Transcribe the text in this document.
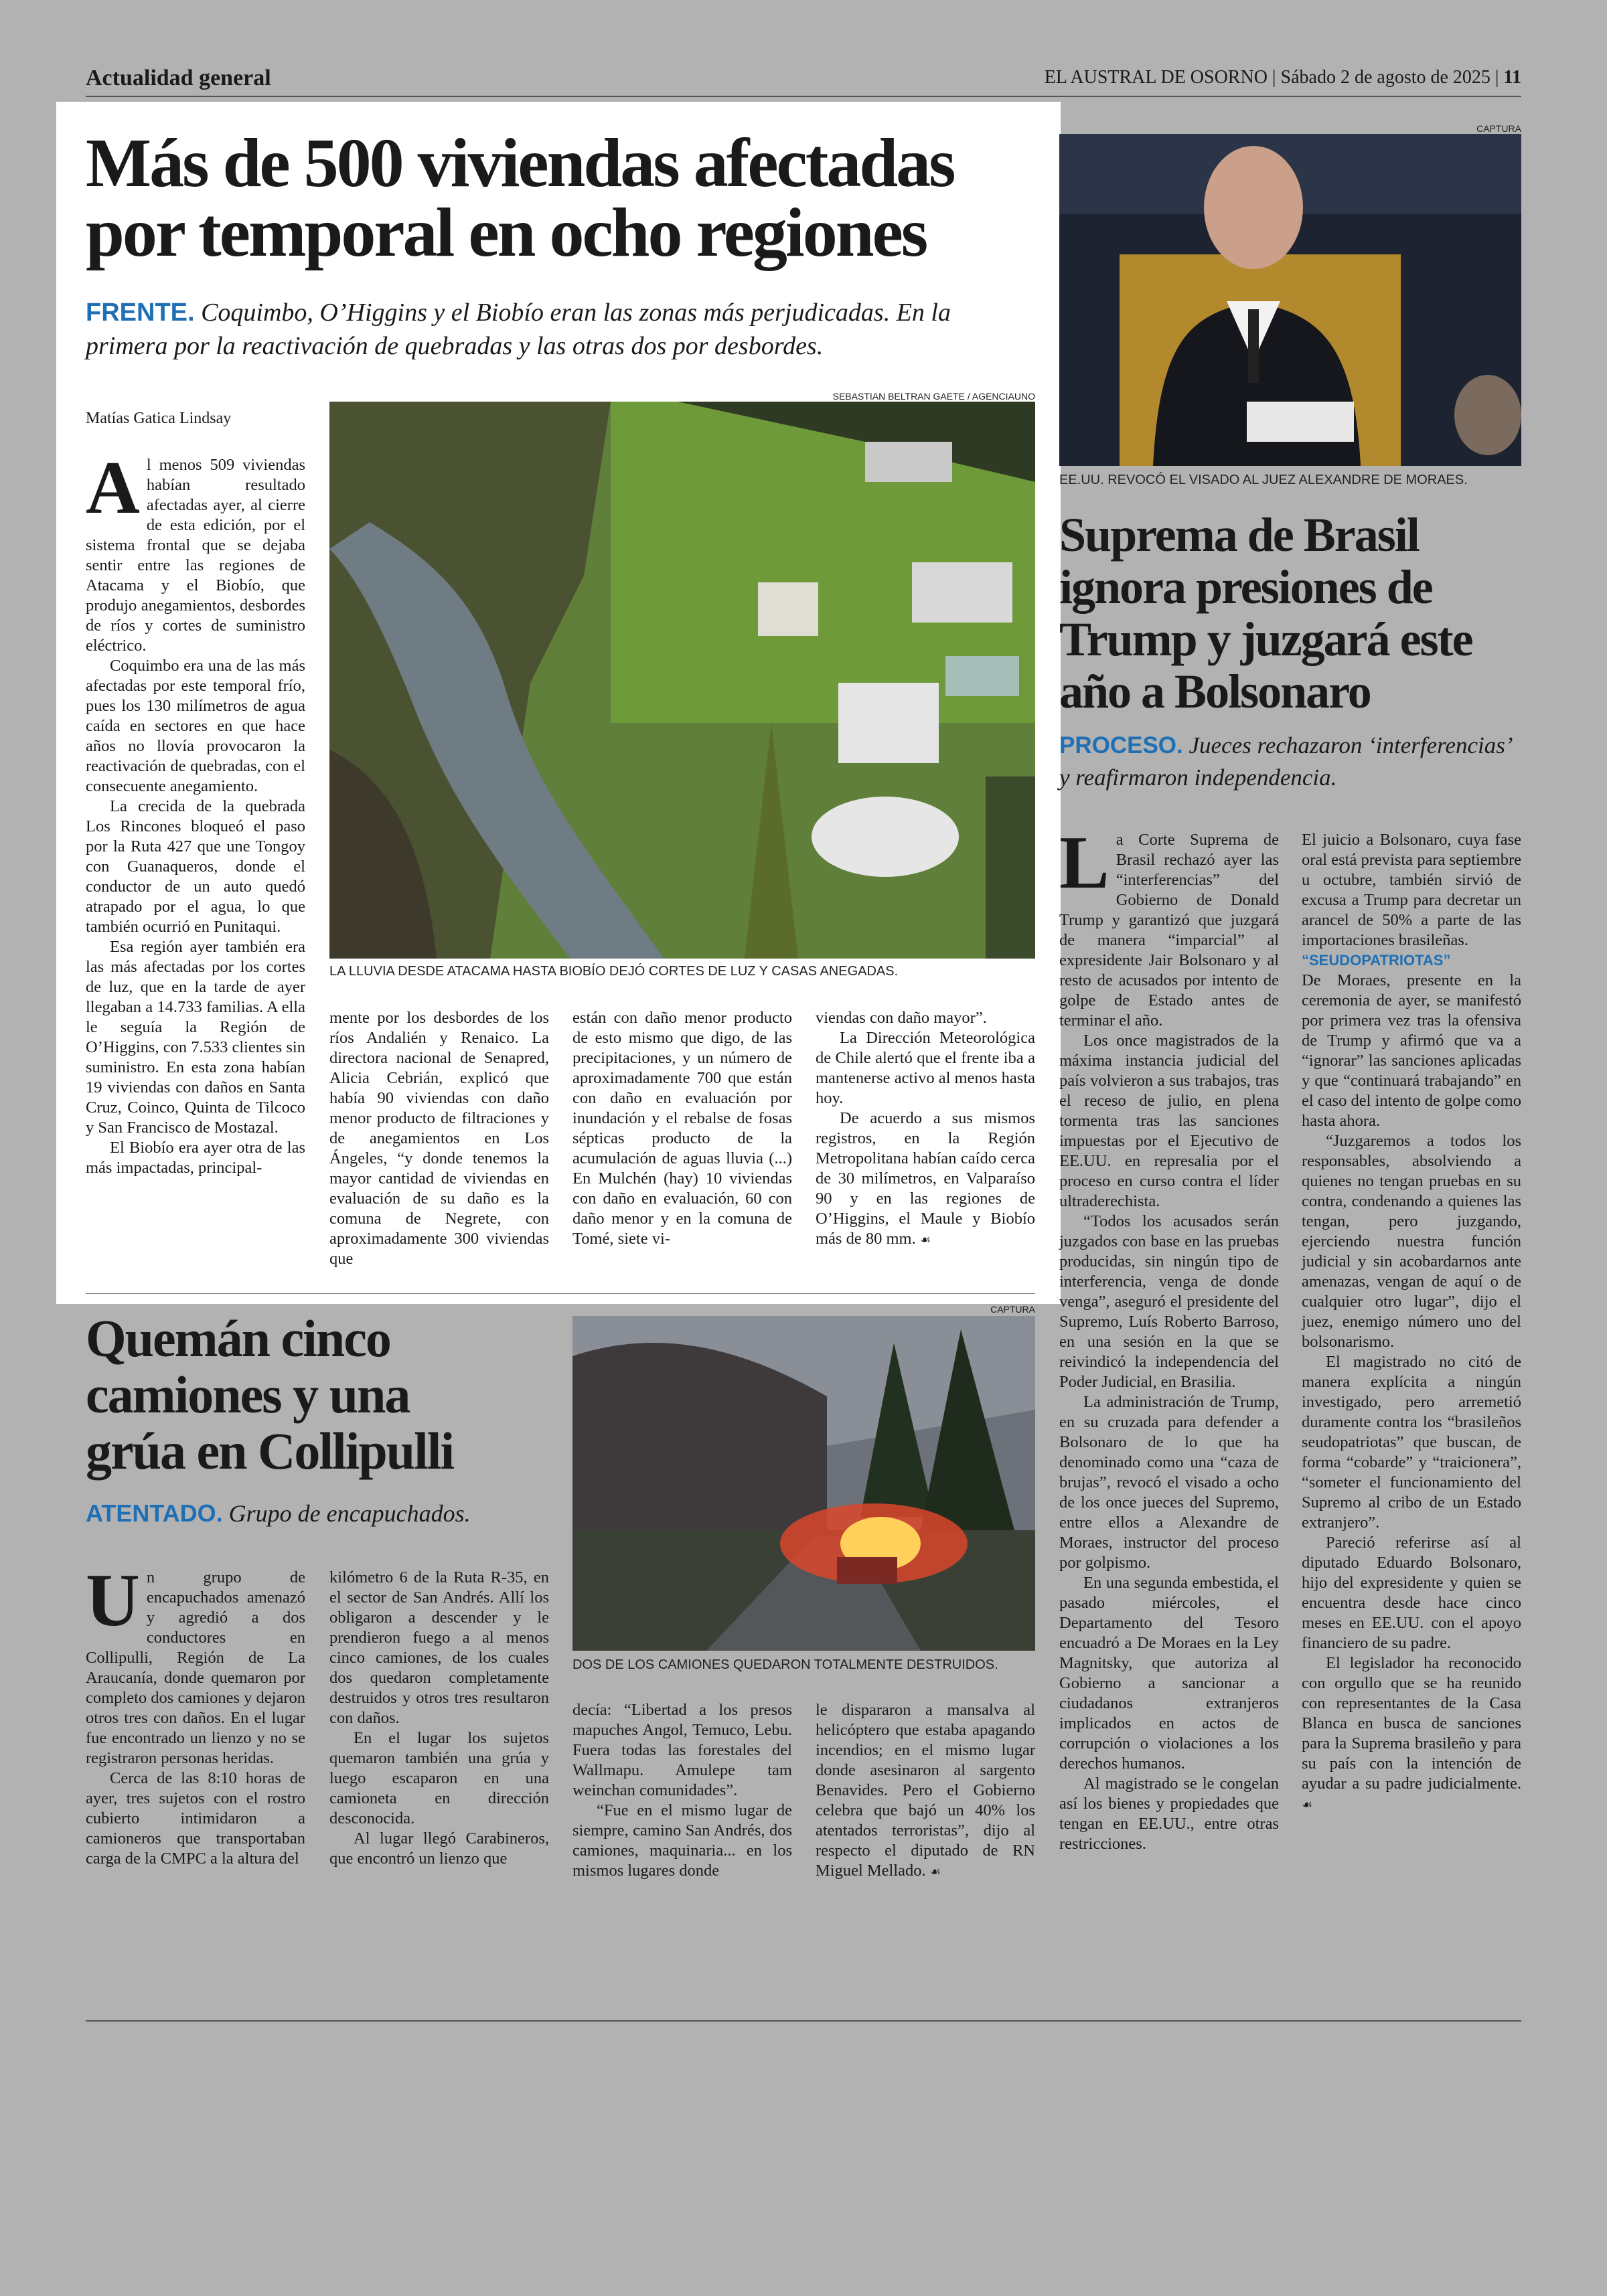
Actualidad general	EL AUSTRAL DE OSORNO | Sábado 2 de agosto de 2025 | 11
Más de 500 viviendas afectadas
por temporal en ocho regiones
FRENTE. Coquimbo, O’Higgins y el Biobío eran las zonas más perjudicadas. En la
primera por la reactivación de quebradas y las otras dos por desbordes.
Matías Gatica Lindsay
SEBASTIAN BELTRAN GAETE / AGENCIAUNO
LA LLUVIA DESDE ATACAMA HASTA BIOBÍO DEJÓ CORTES DE LUZ Y CASAS ANEGADAS.

Al menos 509 viviendas habían resultado afectadas ayer, al cierre de esta edición, por el sistema frontal que se dejaba sentir entre las regiones de Atacama y el Biobío, que produjo anegamientos, desbordes de ríos y cortes de suministro eléctrico.

Coquimbo era una de las más afectadas por este temporal frío, pues los 130 milímetros de agua caída en sectores en que hace años no llovía provocaron la reactivación de quebradas, con el consecuente anegamiento.

La crecida de la quebrada Los Rincones bloqueó el paso por la Ruta 427 que une Tongoy con Guanaqueros, donde el conductor de un auto quedó atrapado por el agua, lo que también ocurrió en Punitaqui.

Esa región ayer también era las más afectadas por los cortes de luz, que en la tarde de ayer llegaban a 14.733 familias. A ella le seguía la Región de O’Higgins, con 7.533 clientes sin suministro. En esta zona habían 19 viviendas con daños en Santa Cruz, Coinco, Quinta de Tilcoco y San Francisco de Mostazal.

El Biobío era ayer otra de las más impactadas, principal-

mente por los desbordes de los ríos Andalién y Renaico. La directora nacional de Senapred, Alicia Cebrián, explicó que había 90 viviendas con daño menor producto de filtraciones y de anegamientos en Los Ángeles, “y donde tenemos la mayor cantidad de viviendas en evaluación de su daño es la comuna de Negrete, con aproximadamente 300 viviendas que

están con daño menor producto de esto mismo que digo, de las precipitaciones, y un número de aproximadamente 700 que están con daño en evaluación por inundación y el rebalse de fosas sépticas producto de la acumulación de aguas lluvia (...) En Mulchén (hay) 10 viviendas con daño en evaluación, 60 con daño menor y en la comuna de Tomé, siete vi-

viendas con daño mayor”.

La Dirección Meteorológica de Chile alertó que el frente iba a mantenerse activo al menos hasta hoy.

De acuerdo a sus mismos registros, en la Región Metropolitana habían caído cerca de 30 milímetros, en Valparaíso 90 y en las regiones de O’Higgins, el Maule y Biobío más de 80 mm. ☙

Quemán cinco
camiones y una
grúa en Collipulli
ATENTADO. Grupo de encapuchados.
CAPTURA
DOS DE LOS CAMIONES QUEDARON TOTALMENTE DESTRUIDOS.

Un grupo de encapuchados amenazó y agredió a dos conductores en Collipulli, Región de La Araucanía, donde quemaron por completo dos camiones y dejaron otros tres con daños. En el lugar fue encontrado un lienzo y no se registraron personas heridas.

Cerca de las 8:10 horas de ayer, tres sujetos con el rostro cubierto intimidaron a camioneros que transportaban carga de la CMPC a la altura del

kilómetro 6 de la Ruta R-35, en el sector de San Andrés. Allí los obligaron a descender y le prendieron fuego a al menos cinco camiones, de los cuales dos quedaron completamente destruidos y otros tres resultaron con daños.

En el lugar los sujetos quemaron también una grúa y luego escaparon en una camioneta en dirección desconocida.

Al lugar llegó Carabineros, que encontró un lienzo que

decía: “Libertad a los presos mapuches Angol, Temuco, Lebu. Fuera todas las forestales del Wallmapu. Amulepe tam weinchan comunidades”.

“Fue en el mismo lugar de siempre, camino San Andrés, dos camiones, maquinaria... en los mismos lugares donde

le dispararon a mansalva al helicóptero que estaba apagando incendios; en el mismo lugar donde asesinaron al sargento Benavides. Pero el Gobierno celebra que bajó un 40% los atentados terroristas”, dijo al respecto el diputado de RN Miguel Mellado. ☙

CAPTURA
EE.UU. REVOCÓ EL VISADO AL JUEZ ALEXANDRE DE MORAES.
Suprema de Brasil
ignora presiones de
Trump y juzgará este
año a Bolsonaro
PROCESO. Jueces rechazaron ‘interferencias’
y reafirmaron independencia.

La Corte Suprema de Brasil rechazó ayer las “interferencias” del Gobierno de Donald Trump y garantizó que juzgará de manera “imparcial” al expresidente Jair Bolsonaro y al resto de acusados por intento de golpe de Estado antes de terminar el año.

Los once magistrados de la máxima instancia judicial del país volvieron a sus trabajos, tras el receso de julio, en plena tormenta tras las sanciones impuestas por el Ejecutivo de EE.UU. en represalia por el proceso en curso contra el líder ultraderechista.

“Todos los acusados serán juzgados con base en las pruebas producidas, sin ningún tipo de interferencia, venga de donde venga”, aseguró el presidente del Supremo, Luís Roberto Barroso, en una sesión en la que se reivindicó la independencia del Poder Judicial, en Brasilia.

La administración de Trump, en su cruzada para defender a Bolsonaro de lo que ha denominado como una “caza de brujas”, revocó el visado a ocho de los once jueces del Supremo, entre ellos a Alexandre de Moraes, instructor del proceso por golpismo.

En una segunda embestida, el pasado miércoles, el Departamento del Tesoro encuadró a De Moraes en la Ley Magnitsky, que autoriza al Gobierno a sancionar a ciudadanos extranjeros implicados en actos de corrupción o violaciones a los derechos humanos.

Al magistrado se le congelan así los bienes y propiedades que tengan en EE.UU., entre otras restricciones.

El juicio a Bolsonaro, cuya fase oral está prevista para septiembre u octubre, también sirvió de excusa a Trump para decretar un arancel de 50% a parte de las importaciones brasileñas.

“SEUDOPATRIOTAS”

De Moraes, presente en la ceremonia de ayer, se manifestó por primera vez tras la ofensiva de Trump y afirmó que va a “ignorar” las sanciones aplicadas y que “continuará trabajando” en el caso del intento de golpe como hasta ahora.

“Juzgaremos a todos los responsables, absolviendo a quienes no tengan pruebas en su contra, condenando a quienes las tengan, pero juzgando, ejerciendo nuestra función judicial y sin acobardarnos ante amenazas, vengan de aquí o de cualquier otro lugar”, dijo el juez, enemigo número uno del bolsonarismo.

El magistrado no citó de manera explícita a ningún investigado, pero arremetió duramente contra los “brasileños seudopatriotas” que buscan, de forma “cobarde” y “traicionera”, “someter el funcionamiento del Supremo al cribo de un Estado extranjero”.

Pareció referirse así al diputado Eduardo Bolsonaro, hijo del expresidente y quien se encuentra desde hace cinco meses en EE.UU. con el apoyo financiero de su padre.

El legislador ha reconocido con orgullo que se ha reunido con representantes de la Casa Blanca en busca de sanciones para la Suprema brasileño y para su país con la intención de ayudar a su padre judicialmente. ☙
